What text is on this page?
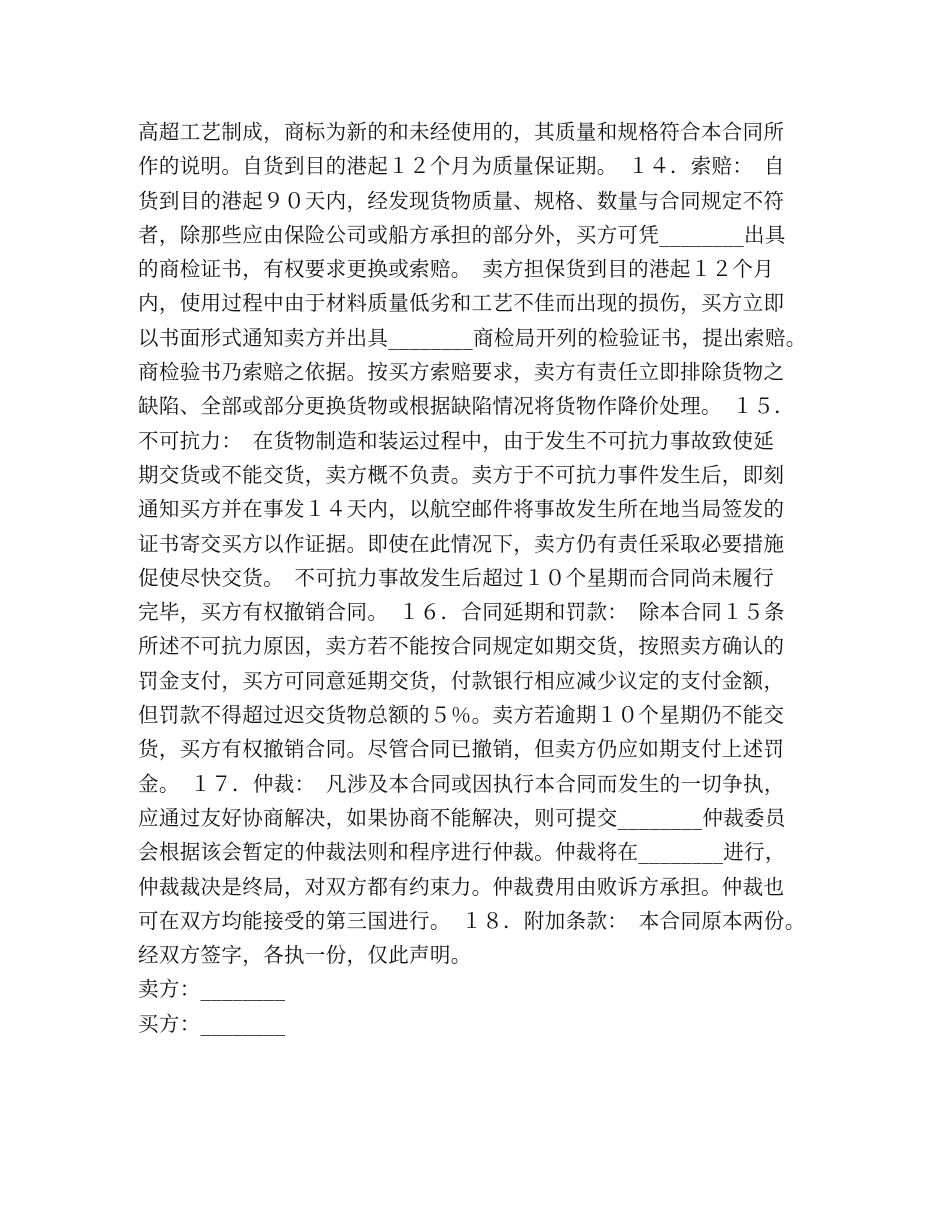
高超工艺制成，商标为新的和未经使用的，其质量和规格符合本合同所
作的说明。自货到目的港起１２个月为质量保证期。　１４．索赔：　自
货到目的港起９０天内，经发现货物质量、规格、数量与合同规定不符
者，除那些应由保险公司或船方承担的部分外，买方可凭________出具
的商检证书，有权要求更换或索赔。　卖方担保货到目的港起１２个月
内，使用过程中由于材料质量低劣和工艺不佳而出现的损伤，买方立即
以书面形式通知卖方并出具________商检局开列的检验证书，提出索赔。
商检验书乃索赔之依据。按买方索赔要求，卖方有责任立即排除货物之
缺陷、全部或部分更换货物或根据缺陷情况将货物作降价处理。　１５．
不可抗力：　在货物制造和装运过程中，由于发生不可抗力事故致使延
期交货或不能交货，卖方概不负责。卖方于不可抗力事件发生后，即刻
通知买方并在事发１４天内，以航空邮件将事故发生所在地当局签发的
证书寄交买方以作证据。即使在此情况下，卖方仍有责任采取必要措施
促使尽快交货。　不可抗力事故发生后超过１０个星期而合同尚未履行
完毕，买方有权撤销合同。　１６．合同延期和罚款：　除本合同１５条
所述不可抗力原因，卖方若不能按合同规定如期交货，按照卖方确认的
罚金支付，买方可同意延期交货，付款银行相应减少议定的支付金额，
但罚款不得超过迟交货物总额的５％。卖方若逾期１０个星期仍不能交
货，买方有权撤销合同。尽管合同已撤销，但卖方仍应如期支付上述罚
金。　１７．仲裁：　凡涉及本合同或因执行本合同而发生的一切争执，
应通过友好协商解决，如果协商不能解决，则可提交________仲裁委员
会根据该会暂定的仲裁法则和程序进行仲裁。仲裁将在________进行，
仲裁裁决是终局，对双方都有约束力。仲裁费用由败诉方承担。仲裁也
可在双方均能接受的第三国进行。　１８．附加条款：　本合同原本两份。
经双方签字，各执一份，仅此声明。
卖方：________
买方：________
